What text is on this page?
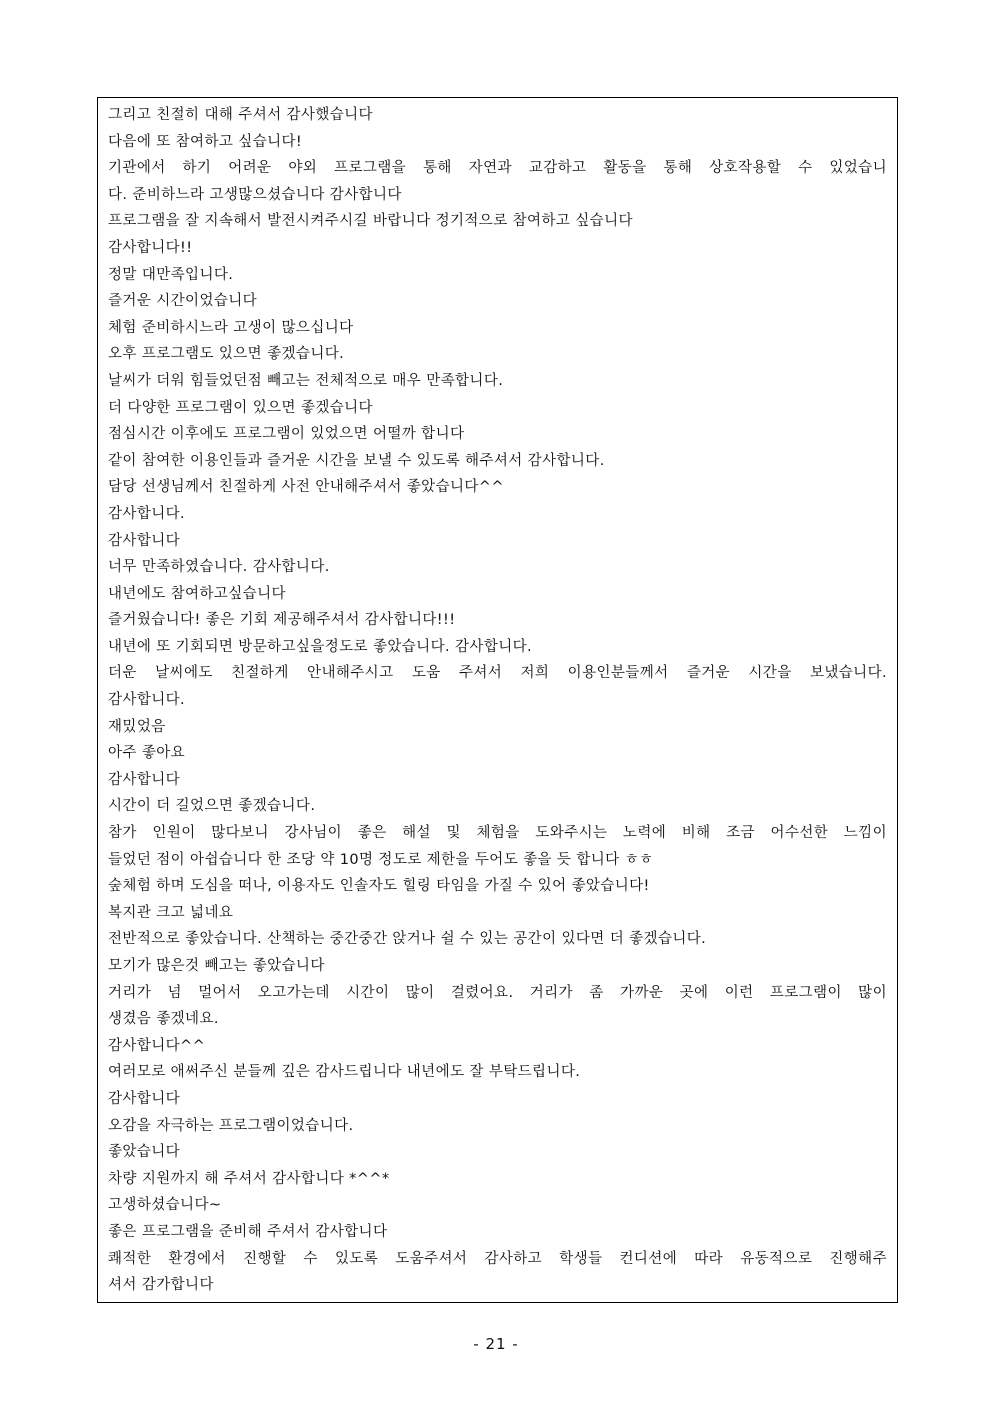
그리고 친절히 대해 주셔서 감사했습니다
다음에 또 참여하고 싶습니다!
기관에서 하기 어려운 야외 프로그램을 통해 자연과 교감하고 활동을 통해 상호작용할 수 있었습니
다. 준비하느라 고생많으셨습니다 감사합니다
프로그램을 잘 지속해서 발전시켜주시길 바랍니다 정기적으로 참여하고 싶습니다
감사합니다!!
정말 대만족입니다.
즐거운 시간이었습니다
체험 준비하시느라 고생이 많으십니다
오후 프로그램도 있으면 좋겠습니다.
날씨가 더워 힘들었던점 빼고는 전체적으로 매우 만족합니다.
더 다양한 프로그램이 있으면 좋겠습니다
점심시간 이후에도 프로그램이 있었으면 어떨까 합니다
같이 참여한 이용인들과 즐거운 시간을 보낼 수 있도록 해주셔서 감사합니다.
담당 선생님께서 친절하게 사전 안내해주셔서 좋았습니다^^
감사합니다.
감사합니다
너무 만족하였습니다. 감사합니다.
내년에도 참여하고싶습니다
즐거웠습니다! 좋은 기회 제공해주셔서 감사합니다!!!
내년에 또 기회되면 방문하고싶을정도로 좋았습니다. 감사합니다.
더운 날씨에도 친절하게 안내해주시고 도움 주셔서 저희 이용인분들께서 즐거운 시간을 보냈습니다.
감사합니다.
재밌었음
아주 좋아요
감사합니다
시간이 더 길었으면 좋겠습니다.
참가 인원이 많다보니 강사님이 좋은 해설 및 체험을 도와주시는 노력에 비해 조금 어수선한 느낌이
들었던 점이 아쉽습니다 한 조당 약 10명 정도로 제한을 두어도 좋을 듯 합니다 ㅎㅎ
숲체험 하며 도심을 떠나, 이용자도 인솔자도 힐링 타임을 가질 수 있어 좋았습니다!
복지관 크고 넓네요
전반적으로 좋았습니다. 산책하는 중간중간 앉거나 쉴 수 있는 공간이 있다면 더 좋겠습니다.
모기가 많은것 빼고는 좋았습니다
거리가 넘 멀어서 오고가는데 시간이 많이 걸렸어요. 거리가 좀 가까운 곳에 이런 프로그램이 많이
생겼음 좋겠네요.
감사합니다^^
여러모로 애써주신 분들께 깊은 감사드립니다 내년에도 잘 부탁드립니다.
감사합니다
오감을 자극하는 프로그램이었습니다.
좋았습니다
차량 지원까지 해 주셔서 감사합니다 *^^*
고생하셨습니다~
좋은 프로그램을 준비해 주셔서 감사합니다
쾌적한 환경에서 진행할 수 있도록 도움주셔서 감사하고 학생들 컨디션에 따라 유동적으로 진행해주
셔서 감가합니다
- 21 -
